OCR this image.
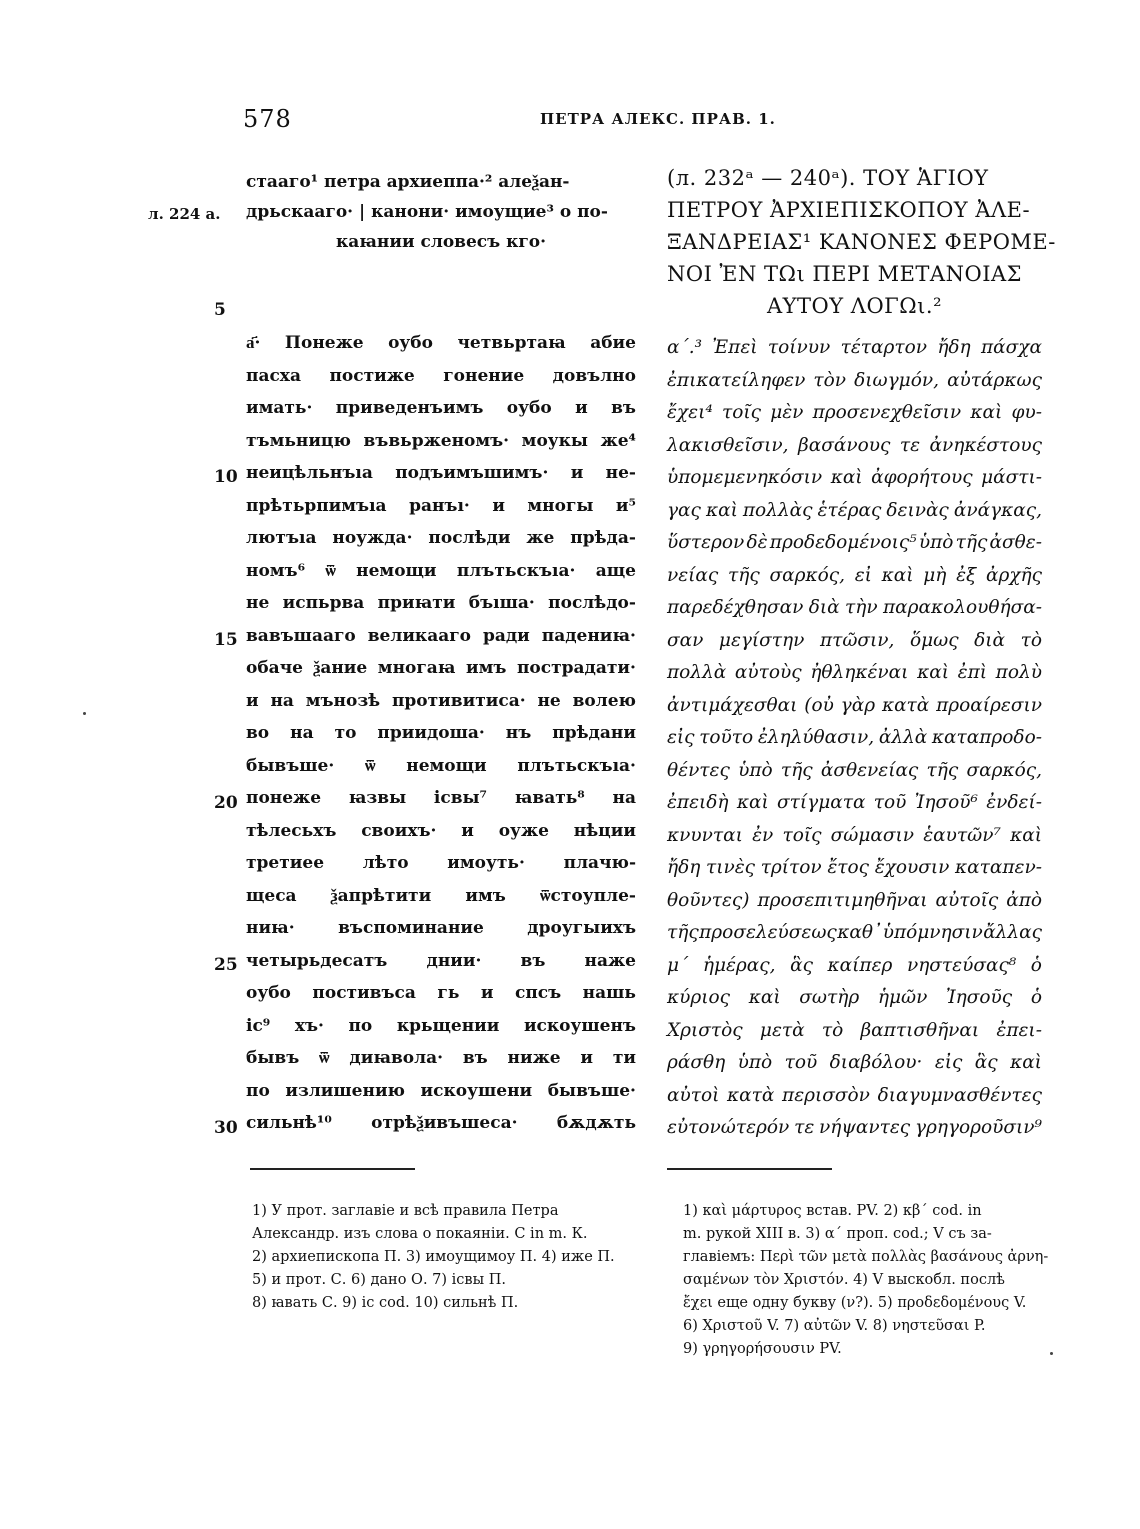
578	ПЕТРА АЛЕКС. ПРАВ. 1.
л. 224 а.
5
10
15
20
25
30
стааго¹ петра архиеппа·² алеѯан-
дрьскааго· | канони· имоущие³ о по-
каꙗнии словесъ кго·
а҃· Понеже оубо четвьртаꙗ абие
пасха постиже гонение довълно
имать· приведенъимъ оубо и въ
тъмьницю въвьрженомъ· моукы же⁴
неицѣльнъıа подъимъшимъ· и не-
прѣтьрпимъıа ранъı· и многы и⁵
лютъıа ноужда· послѣди же прѣда-
номъ⁶ ѿ немощи плътьскъıа· аще
не испьрва приꙗти бъıша· послѣдо-
вавъшааго великааго ради падениꙗ·
обаче ѯание многаꙗ имъ пострадати·
и на мънозѣ противитиса· не волею
во на то приидоша· нъ прѣдани
бывъше· ѿ немощи плътьскъıа·
понеже ꙗзвы ісвы⁷ ꙗвать⁸ на
тѣлесьхъ своихъ· и оуже нѣции
третиее лѣто имоуть· плачю-
щеса ѯапрѣтити имъ ѿстоупле-
ниꙗ·	въспоминание	дроугыихъ
четырьдесатъ днии· въ наже
оубо постивъса гь и спсъ нашь
іс⁹ хъ· по крьщении искоушенъ
бывъ ѿ диꙗвола· въ ниже и ти
по излишению искоушени бывъше·
сильнѣ¹⁰ отрѣѯивъшеса· бѫдѫть
(л. 232ᵃ — 240ᵃ). ΤΟΥ ἉΓΙΟΥ
ΠΕΤΡΟΥ ἈΡΧΙΕΠΙΣΚΟΠΟΥ ἈΛΕ-
ΞΑΝΔΡΕΙΑΣ¹ ΚΑΝΟΝΕΣ ΦΕΡΟΜΕ-
ΝΟΙ ἘΝ ΤΩι ΠΕΡΙ ΜΕΤΑΝΟΙΑΣ
ΑΥΤΟΥ ΛΟΓΩι.²
α΄.³ Ἐπεὶ τοίνυν τέταρτον ἤδη πάσχα
ἐπικατείληφεν τὸν διωγμόν, αὐτάρκως
ἔχει⁴ τοῖς μὲν προσενεχθεῖσιν καὶ φυ-
λακισθεῖσιν, βασάνους τε ἀνηκέστους
ὑπομεμενηκόσιν καὶ ἀφορήτους μάστι-
γας καὶ πολλὰς ἑτέρας δεινὰς ἀνάγκας,
ὕστερον δὲ προδεδομένοις⁵ ὑπὸ τῆς ἀσθε-
νείας τῆς σαρκός, εἰ καὶ μὴ ἐξ ἀρχῆς
παρεδέχθησαν διὰ τὴν παρακολουθήσα-
σαν μεγίστην πτῶσιν, ὅμως διὰ τὸ
πολλὰ αὐτοὺς ἠθληκέναι καὶ ἐπὶ πολὺ
ἀντιμάχεσθαι (οὐ γὰρ κατὰ προαίρεσιν
εἰς τοῦτο ἐληλύθασιν, ἀλλὰ καταπροδο-
θέντες ὑπὸ τῆς ἀσθενείας τῆς σαρκός,
ἐπειδὴ καὶ στίγματα τοῦ Ἰησοῦ⁶ ἐνδεί-
κνυνται ἐν τοῖς σώμασιν ἑαυτῶν⁷ καὶ
ἤδη τινὲς τρίτον ἔτος ἔχουσιν καταπεν-
θοῦντες) προσεπιτιμηθῆναι αὐτοῖς ἀπὸ
τῆς προσελεύσεως καθ᾽ ὑπόμνησιν ἄλλας
μ΄ ἡμέρας, ἃς καίπερ νηστεύσας⁸ ὁ
κύριος καὶ σωτὴρ ἡμῶν Ἰησοῦς ὁ
Χριστὸς μετὰ τὸ βαπτισθῆναι ἐπει-
ράσθη ὑπὸ τοῦ διαβόλου· εἰς ἃς καὶ
αὐτοὶ κατὰ περισσὸν διαγυμνασθέντες
εὐτονώτερόν τε νήψαντες γρηγοροῦσιν⁹
1) У прот. заглавіе и всѣ правила Петра
Александр. изъ слова о покаяніи. С in m. К.
2) архиепископа П. 3) имоущимоу П. 4) иже П.
5) и прот. С. 6) дано О. 7) ісвы П.
8) ꙗвать С. 9) іс cod. 10) сильнѣ П.
1) καὶ μάρτυρος встав. PV. 2) κβ΄ cod. in
m. рукой XIII в. 3) α΄ проп. cod.; V съ за-
главіемъ: Περὶ τῶν μετὰ πολλὰς βασάνους ἀρνη-
σαμένων τὸν Χριστόν. 4) V выскобл. послѣ
ἔχει еще одну букву (ν?). 5) προδεδομένους V.
6) Χριστοῦ V. 7) αὐτῶν V. 8) νηστεῦσαι P.
9) γρηγορήσουσιν PV.
